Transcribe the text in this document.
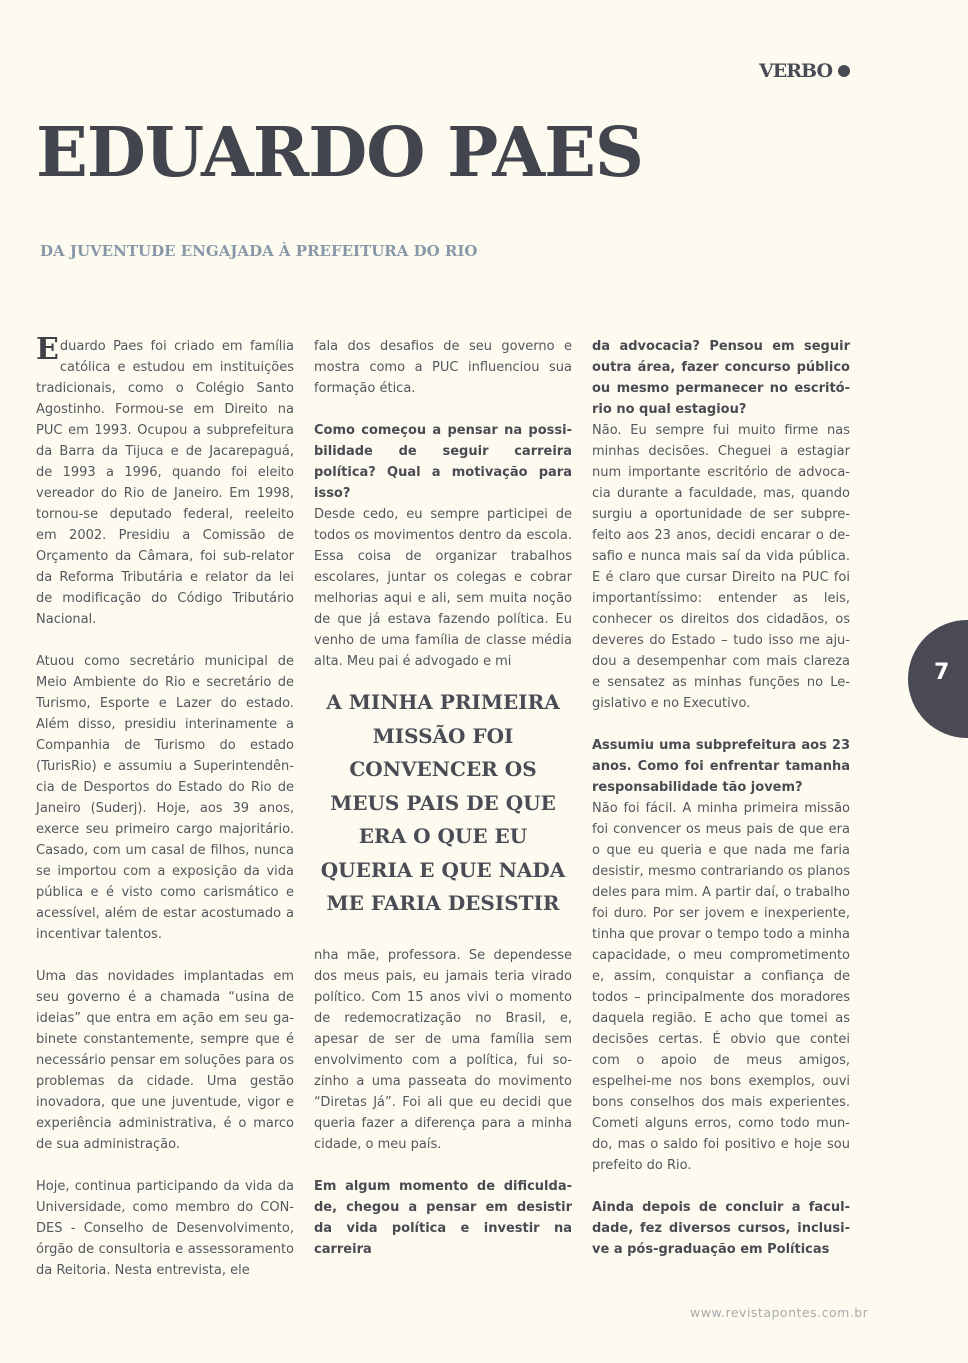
VERBO
EDUARDO PAES
DA JUVENTUDE ENGAJADA À PREFEITURA DO RIO

Eduardo Paes foi criado em família católica e estudou em instituições tradicionais, como o Colégio Santo Agostinho. Formou-se em Direito na PUC em 1993. Ocupou a subprefeitura da Barra da Tijuca e de Jacarepaguá, de 1993 a 1996, quando foi eleito vereador do Rio de Janeiro. Em 1998, tornou-se deputado federal, reeleito em 2002. Presidiu a Comissão de Orçamento da Câmara, foi sub-relator da Reforma Tributária e relator da lei de modificação do Código Tributário Nacional.

Atuou como secretário municipal de Meio Ambiente do Rio e secretário de Turismo, Esporte e Lazer do estado. Além disso, presidiu interinamente a Companhia de Turismo do estado (TurisRio) e assumiu a Superintendência de Desportos do Estado do Rio de Janeiro (Suderj). Hoje, aos 39 anos, exerce seu primeiro cargo majoritário. Casado, com um casal de filhos, nunca se importou com a exposição da vida pública e é visto como carismático e acessível, além de estar acostumado a incentivar talentos.

Uma das novidades implantadas em seu governo é a chamada “usina de ideias” que entra em ação em seu gabinete constantemente, sempre que é necessário pensar em soluções para os problemas da cidade. Uma gestão inovadora, que une juventude, vigor e experiência administrativa, é o marco de sua administração.

Hoje, continua participando da vida da Universidade, como membro do CONDES - Conselho de Desenvolvimento, órgão de consultoria e assessoramento da Reitoria. Nesta entrevista, ele

fala dos desafios de seu governo e mostra como a PUC influenciou sua formação ética.

Como começou a pensar na possibilidade de seguir carreira política? Qual a motivação para isso?

Desde cedo, eu sempre participei de todos os movimentos dentro da escola. Essa coisa de organizar trabalhos escolares, juntar os colegas e cobrar melhorias aqui e ali, sem muita noção de que já estava fazendo política. Eu venho de uma família de classe média alta. Meu pai é advogado e mi

A MINHA PRIMEIRA MISSÃO FOI CONVENCER OS MEUS PAIS DE QUE ERA O QUE EU QUERIA E QUE NADA ME FARIA DESISTIR

nha mãe, professora. Se dependesse dos meus pais, eu jamais teria virado político. Com 15 anos vivi o momento de redemocratização no Brasil, e, apesar de ser de uma família sem envolvimento com a política, fui sozinho a uma passeata do movimento “Diretas Já”. Foi ali que eu decidi que queria fazer a diferença para a minha cidade, o meu país.

Em algum momento de dificuldade, chegou a pensar em desistir da vida política e investir na carreira

da advocacia? Pensou em seguir outra área, fazer concurso público ou mesmo permanecer no escritório no qual estagiou?

Não. Eu sempre fui muito firme nas minhas decisões. Cheguei a estagiar num importante escritório de advocacia durante a faculdade, mas, quando surgiu a oportunidade de ser subprefeito aos 23 anos, decidi encarar o desafio e nunca mais saí da vida pública. E é claro que cursar Direito na PUC foi importantíssimo: entender as leis, conhecer os direitos dos cidadãos, os deveres do Estado – tudo isso me ajudou a desempenhar com mais clareza e sensatez as minhas funções no Legislativo e no Executivo.

Assumiu uma subprefeitura aos 23 anos. Como foi enfrentar tamanha responsabilidade tão jovem?

Não foi fácil. A minha primeira missão foi convencer os meus pais de que era o que eu queria e que nada me faria desistir, mesmo contrariando os planos deles para mim. A partir daí, o trabalho foi duro. Por ser jovem e inexperiente, tinha que provar o tempo todo a minha capacidade, o meu comprometimento e, assim, conquistar a confiança de todos – principalmente dos moradores daquela região. E acho que tomei as decisões certas. É obvio que contei com o apoio de meus amigos, espelhei-me nos bons exemplos, ouvi bons conselhos dos mais experientes. Cometi alguns erros, como todo mundo, mas o saldo foi positivo e hoje sou prefeito do Rio.

Ainda depois de concluir a faculdade, fez diversos cursos, inclusive a pós-graduação em Políticas

7
www.revistapontes.com.br
